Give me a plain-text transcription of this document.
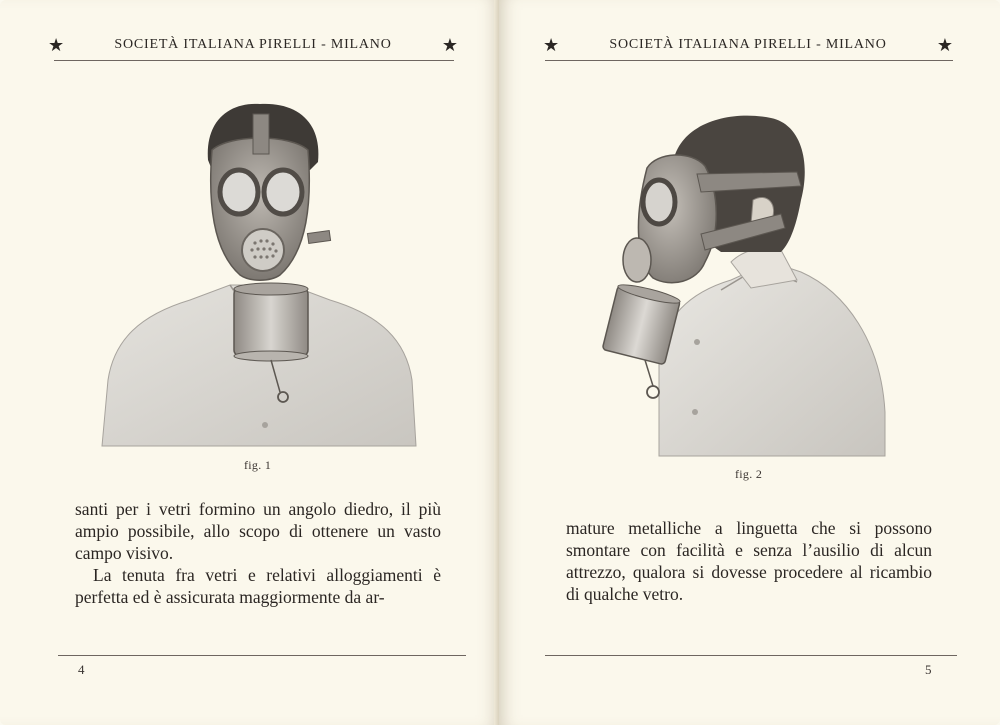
★	SOCIETÀ ITALIANA PIRELLI - MILANO	★
fig. 1

santi per i vetri formino un angolo diedro, il più ampio possibile, allo scopo di ottenere un vasto campo visivo.

La tenuta fra vetri e relativi alloggiamenti è perfetta ed è assicurata maggiormente da ar-

4
★	SOCIETÀ ITALIANA PIRELLI - MILANO	★
fig. 2

mature metalliche a linguetta che si possono smontare con facilità e senza l’ausilio di alcun attrezzo, qualora si dovesse procedere al ricambio di qualche vetro.

5
